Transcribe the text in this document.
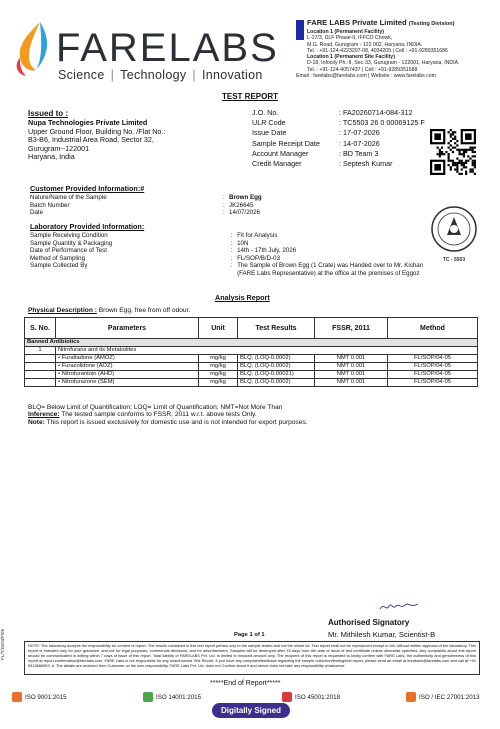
FARELABS
Science | Technology | Innovation
FARE LABS Private Limited (Testing Division)
Location 1 (Permanent Facility)
L-17/3, DLF Phase-II, IFFCO Chowk,
M.G. Road, Gurugram - 122 002, Haryana, INDIA.
Tel. : +91-124-4223207-08, 4034205 | Cell : +91-9289351686
Location 1 (Permanent Site Facility)
D-18, Infocity Ph.-II, Sec-33, Gurugram - 122001, Haryana, INDIA.
Tel. : +91-124-4057437 | Cell : +91-9289351688
Email : farelabs@farelabs.com | Website : www.farelabs.com
TEST REPORT
Issued to :
Nupa Technologies Private Limited
Upper Ground Floor, Building No. /Flat No.:
B3-B6, Industrial Area Road, Sector 32,
Gurugram--122001
Haryana, India
J.O. No.	: FA20260714-084-312
ULR Code	: TC5503 26 0 00069125 F
Issue Date	: 17-07-2026
Sample Receipt Date	: 14-07-2026
Account Manager	: BD Team 3
Credit Manager	: Septesh Kumar
Customer Provided Information:#
Nature/Name of the Sample	:	Brown Egg
Batch Number	:	JK26645
Date	:	14/07/2026
Laboratory Provided Information:
Sample Receiving Condition	:	Fit for Analysis
Sample Quantity & Packaging	:	10N
Date of Performance of Test	:	14th - 17th July, 2026
Method of Sampling	:	FL/SOP/B/D-03
Sample Collected By	:	The Sample of Brown Egg (1 Crate) was Handed over to Mr. Kishan (FARE Labs Representative) at the office at the premises of Eggoz
TC - 5503
Analysis Report
Physical Description : Brown Egg, free from off odour.
S. No.	Parameters	Unit	Test Results	FSSR, 2011	Method
Banned Antibiotics					
1	Nitrofurans and its Metabolites				
	• Furaltadone (AMOZ)	mg/kg	BLQ, (LOQ-0.0002)	NMT 0.001	FL/SOP/04-05
	• Furazolidone (AOZ)	mg/kg	BLQ, (LOQ-0.0002)	NMT 0.001	FL/SOP/04-05
	• Nitrofurantoin (AHD)	mg/kg	BLQ, (LOQ-0.00021)	NMT 0.001	FL/SOP/04-05
	• Nitrofurazone (SEM)	mg/kg	BLQ, (LOQ-0.0002)	NMT 0.001	FL/SOP/04-05
BLQ= Below Limit of Quantification; LOQ= Limit of Quantification; NMT=Not More Than
Inference: The tested sample conforms to FSSR, 2011 w.r.t. above tests Only.
Note: This report is issued exclusively for domestic use and is not intended for export purposes.
Authorised Signatory
Page 1 of 1	Mr. Mithilesh Kumar, Scientist-B
FL/T/GEN/F/05	NOTE: The laboratory accepts the responsibility for content of report. The results contained in this test report pertain only to the sample tested and not the whole lot. Test report shall not be reproduced except in full, without written approval of the laboratory. This report is intended only for your guidance, and not for legal purposes, commercial decisions, and for advertisement. Samples will be destroyed after 15 days from the date of issue of test certificate unless otherwise specified. Any complaints about this report should be communicated in writing within 7 days of issue of this report. Total liability of FARELABS Pvt. Ltd. is limited to invoiced amount only. The recipient of this report is requested to kindly confirm with FARE Labs, the authenticity and genuineness of this report at report.confirmation@farelabs.com. FARE Labs is not responsible for any unauthorized Test Report. If you have any complaint/feedback regarding the sample collection/testing/test report, please send an email at feedback@farelabs.com and call at +91 9313666553. #: The details are received from Customer on his own responsibility. FARE Labs Pvt. Ltd. does not Confirm about it and hence does not take any responsibility whatsoever.
*****End of Report*****
ISO 9001:2015	ISO 14001:2015	ISO 45001:2018	ISO / IEC 27001:2013
Digitally Signed
